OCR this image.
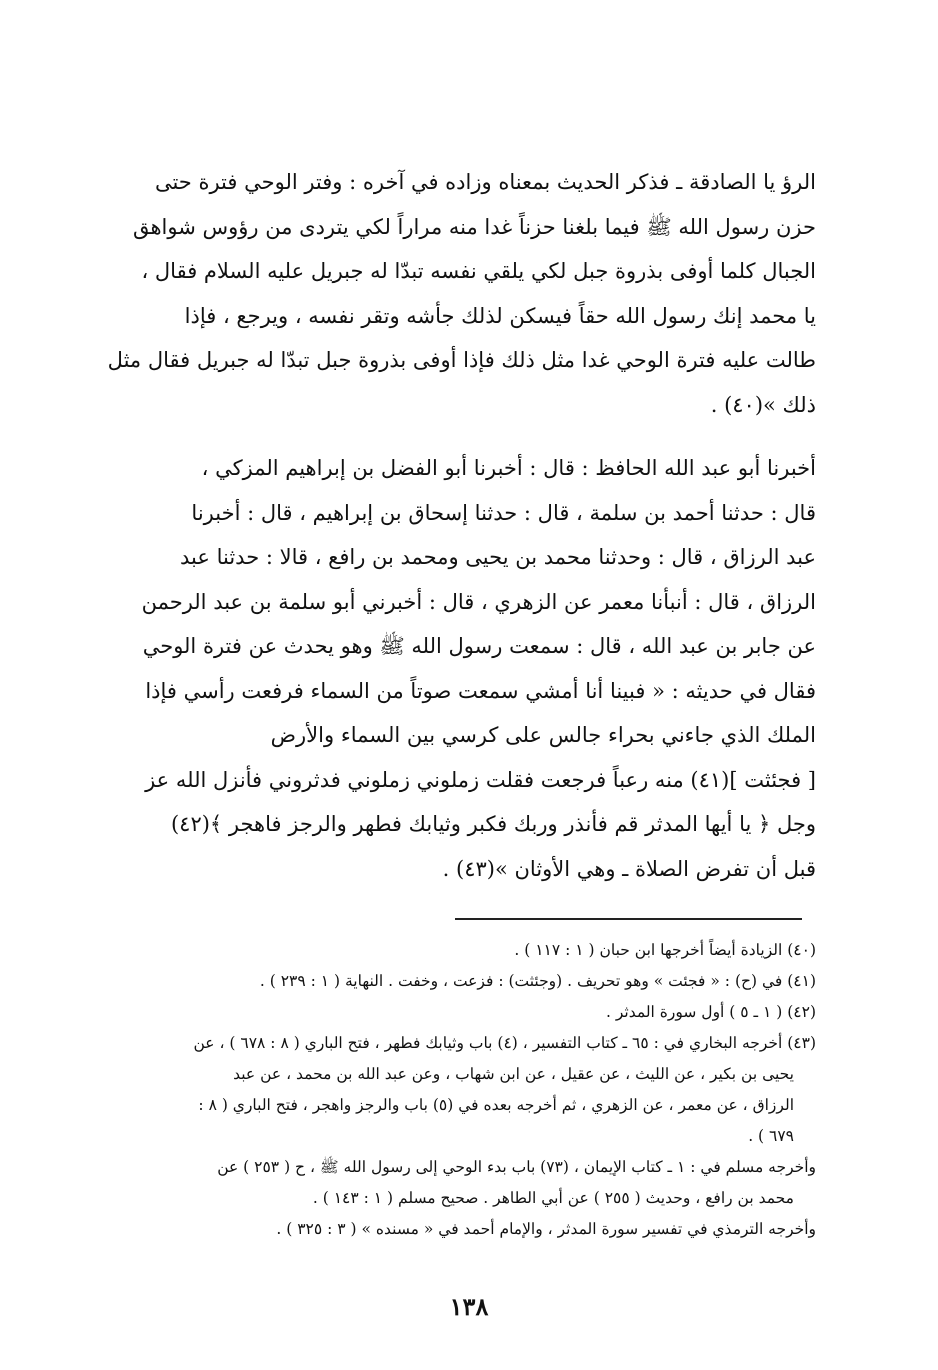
الرؤ يا الصادقة ـ فذكر الحديث بمعناه وزاده في آخره : وفتر الوحي فترة حتى
حزن رسول الله ﷺ فيما بلغنا حزناً غدا منه مراراً لكي يتردى من رؤوس شواهق
الجبال كلما أوفى بذروة جبل لكي يلقي نفسه تبدّا له جبريل عليه السلام فقال ،
يا محمد إنك رسول الله حقاً فيسكن لذلك جأشه وتقر نفسه ، ويرجع ، فإذا
طالت عليه فترة الوحي غدا مثل ذلك فإذا أوفى بذروة جبل تبدّا له جبريل فقال مثل
ذلك »(٤٠) .

أخبرنا أبو عبد الله الحافظ : قال : أخبرنا أبو الفضل بن إبراهيم المزكي ،
قال : حدثنا أحمد بن سلمة ، قال : حدثنا إسحاق بن إبراهيم ، قال : أخبرنا
عبد الرزاق ، قال : وحدثنا محمد بن يحيى ومحمد بن رافع ، قالا : حدثنا عبد
الرزاق ، قال : أنبأنا معمر عن الزهري ، قال : أخبرني أبو سلمة بن عبد الرحمن
عن جابر بن عبد الله ، قال : سمعت رسول الله ﷺ وهو يحدث عن فترة الوحي
فقال في حديثه : « فبينا أنا أمشي سمعت صوتاً من السماء فرفعت رأسي فإذا
الملك الذي جاءني بحراء جالس على كرسي بين السماء والأرض
[ فجئثت ](٤١) منه رعباً فرجعت فقلت زملوني زملوني فدثروني فأنزل الله عز
وجل ﴿ يا أيها المدثر قم فأنذر وربك فكبر وثيابك فطهر والرجز فاهجر ﴾(٤٢)
قبل أن تفرض الصلاة ـ وهي الأوثان »(٤٣) .

(٤٠) الزيادة أيضاً أخرجها ابن حبان ( ١ : ١١٧ ) .
(٤١) في (ح) : « فجئت » وهو تحريف . (وجئثت) : فزعت ، وخفت . النهاية ( ١ : ٢٣٩ ) .
(٤٢) ( ١ ـ ٥ ) أول سورة المدثر .
(٤٣) أخرجه البخاري في : ٦٥ ـ كتاب التفسير ، (٤) باب وثيابك فطهر ، فتح الباري ( ٨ : ٦٧٨ ) ، عن
يحيى بن بكير ، عن الليث ، عن عقيل ، عن ابن شهاب ، وعن عبد الله بن محمد ، عن عبد
الرزاق ، عن معمر ، عن الزهري ، ثم أخرجه بعده في (٥) باب والرجز واهجر ، فتح الباري ( ٨ :
٦٧٩ ) .
وأخرجه مسلم في : ١ ـ كتاب الإيمان ، (٧٣) باب بدء الوحي إلى رسول الله ﷺ ، ح ( ٢٥٣ ) عن
محمد بن رافع ، وحديث ( ٢٥٥ ) عن أبي الطاهر . صحيح مسلم ( ١ : ١٤٣ ) .
وأخرجه الترمذي في تفسير سورة المدثر ، والإمام أحمد في « مسنده » ( ٣ : ٣٢٥ ) .
١٣٨
